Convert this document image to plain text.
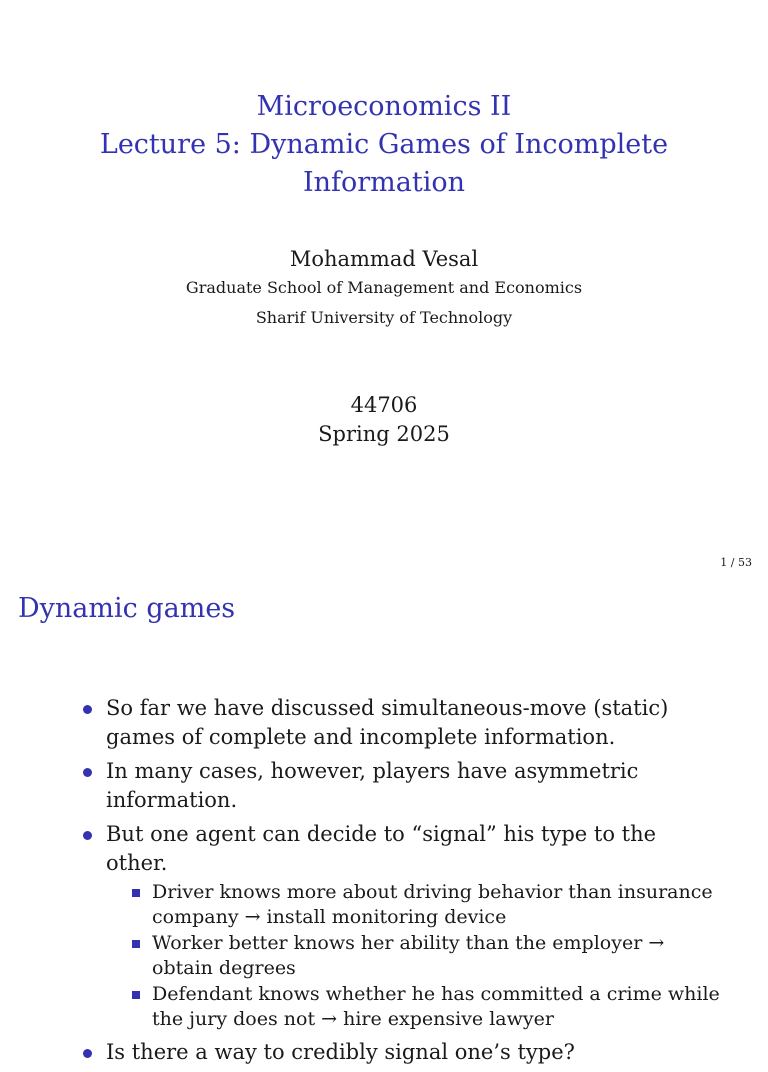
Microeconomics II
Lecture 5: Dynamic Games of Incomplete
Information
Mohammad Vesal
Graduate School of Management and Economics
Sharif University of Technology
44706
Spring 2025
1 / 53
Dynamic games
So far we have discussed simultaneous-move (static) games of complete and incomplete information.
In many cases, however, players have asymmetric information.
But one agent can decide to “signal” his type to the other.
Driver knows more about driving behavior than insurance company → install monitoring device
Worker better knows her ability than the employer → obtain degrees
Defendant knows whether he has committed a crime while the jury does not → hire expensive lawyer
Is there a way to credibly signal one’s type?
